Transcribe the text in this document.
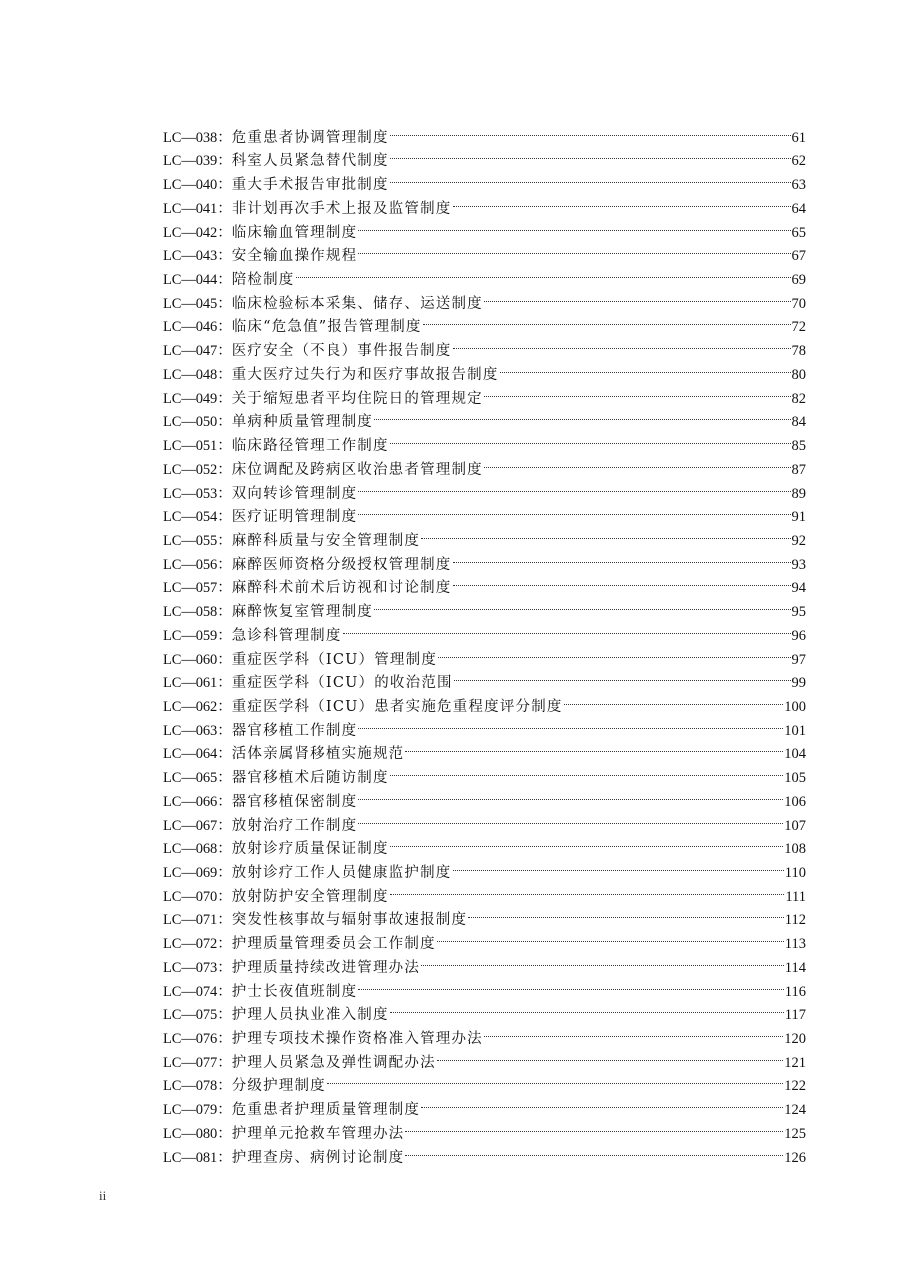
LC—038 ： 危重患者协调管理制度	61
LC—039 ： 科室人员紧急替代制度	62
LC—040 ： 重大手术报告审批制度	63
LC—041 ： 非计划再次手术上报及监管制度	64
LC—042 ： 临床输血管理制度	65
LC—043 ： 安全输血操作规程	67
LC—044 ： 陪检制度	69
LC—045 ： 临床检验标本采集、储存、运送制度	70
LC—046 ： 临床“危急值”报告管理制度	72
LC—047 ： 医疗安全（不良）事件报告制度	78
LC—048 ： 重大医疗过失行为和医疗事故报告制度	80
LC—049 ： 关于缩短患者平均住院日的管理规定	82
LC—050 ： 单病种质量管理制度	84
LC—051 ： 临床路径管理工作制度	85
LC—052 ： 床位调配及跨病区收治患者管理制度	87
LC—053 ： 双向转诊管理制度	89
LC—054 ： 医疗证明管理制度	91
LC—055 ： 麻醉科质量与安全管理制度	92
LC—056 ： 麻醉医师资格分级授权管理制度	93
LC—057 ： 麻醉科术前术后访视和讨论制度	94
LC—058 ： 麻醉恢复室管理制度	95
LC—059 ： 急诊科管理制度	96
LC—060 ： 重症医学科（ICU）管理制度	97
LC—061 ： 重症医学科（ICU）的收治范围	99
LC—062 ： 重症医学科（ICU）患者实施危重程度评分制度	100
LC—063 ： 器官移植工作制度	101
LC—064 ： 活体亲属肾移植实施规范	104
LC—065 ： 器官移植术后随访制度	105
LC—066 ： 器官移植保密制度	106
LC—067 ： 放射治疗工作制度	107
LC—068 ： 放射诊疗质量保证制度	108
LC—069 ： 放射诊疗工作人员健康监护制度	110
LC—070 ： 放射防护安全管理制度	111
LC—071 ： 突发性核事故与辐射事故速报制度	112
LC—072 ： 护理质量管理委员会工作制度	113
LC—073 ： 护理质量持续改进管理办法	114
LC—074 ： 护士长夜值班制度	116
LC—075 ： 护理人员执业准入制度	117
LC—076 ： 护理专项技术操作资格准入管理办法	120
LC—077 ： 护理人员紧急及弹性调配办法	121
LC—078 ： 分级护理制度	122
LC—079 ： 危重患者护理质量管理制度	124
LC—080 ： 护理单元抢救车管理办法	125
LC—081 ： 护理查房、病例讨论制度	126
ii
